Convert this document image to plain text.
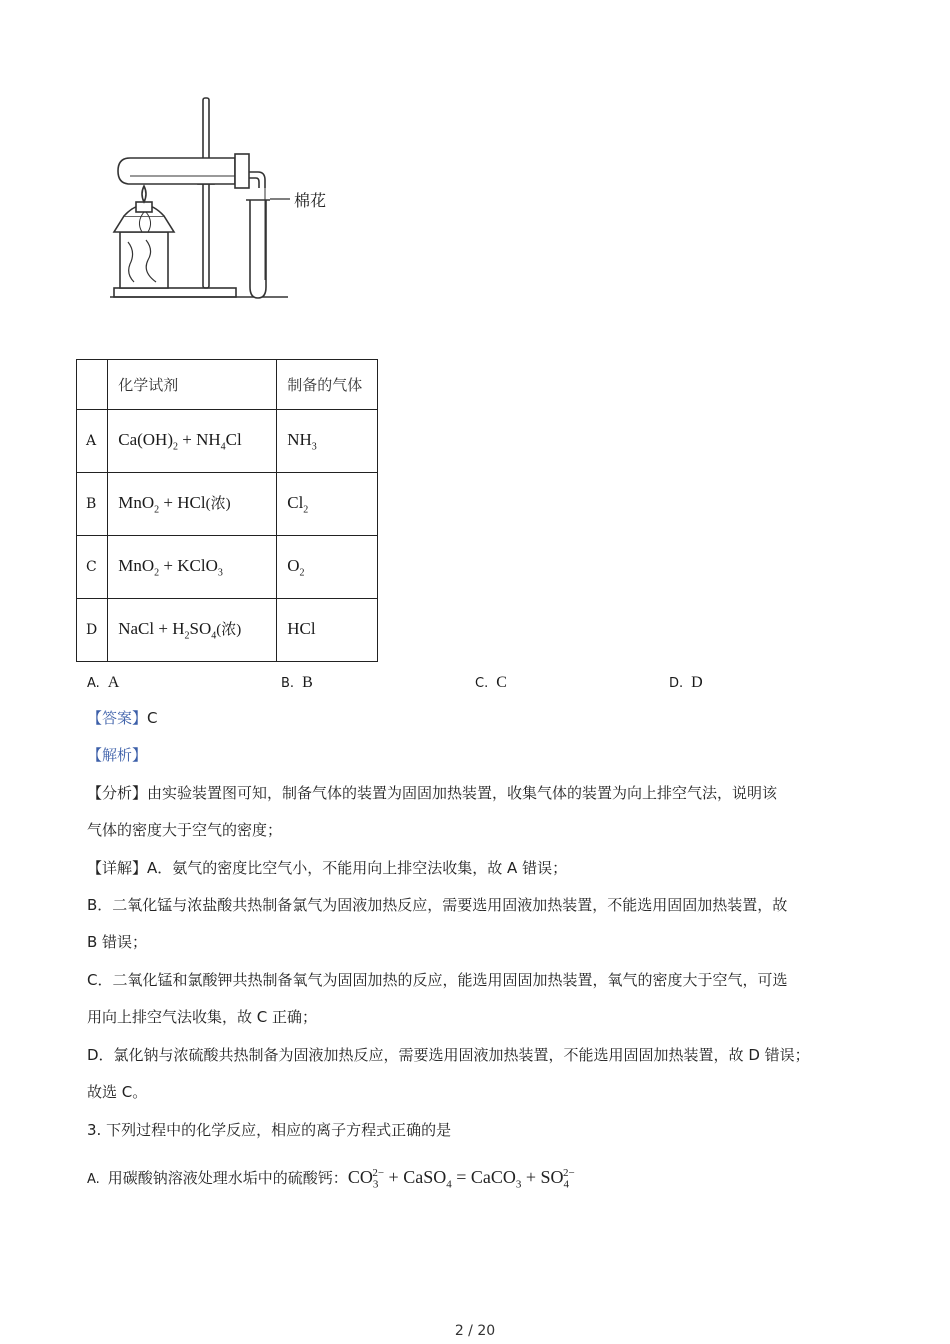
棉花
	化学试剂	制备的气体
A	$Ca(OH)_2 + NH_4Cl$	$NH_3$
B	MnO$_2$ + HCl(浓)	$Cl_2$
C	MnO$_2$ + KClO$_3$	$O_2$
D	NaCl + $H_2SO_4$(浓)	HCl
A. A	B. B	C. C	D. D
【答案】C
【解析】
【分析】由实验装置图可知，制备气体的装置为固固加热装置，收集气体的装置为向上排空气法，说明该
气体的密度大于空气的密度；
【详解】A．氨气的密度比空气小，不能用向上排空法收集，故 A 错误；
B．二氧化锰与浓盐酸共热制备氯气为固液加热反应，需要选用固液加热装置，不能选用固固加热装置，故
B 错误；
C．二氧化锰和氯酸钾共热制备氧气为固固加热的反应，能选用固固加热装置，氧气的密度大于空气，可选
用向上排空气法收集，故 C 正确；
D．氯化钠与浓硫酸共热制备为固液加热反应，需要选用固液加热装置，不能选用固固加热装置，故 D 错误；
故选 C。
3. 下列过程中的化学反应，相应的离子方程式正确的是
A. 用碳酸钠溶液处理水垢中的硫酸钙：$CO_3^{2-}$ + CaSO$_4$ = CaCO$_3$ + $SO_4^{2-}$
2 / 20
